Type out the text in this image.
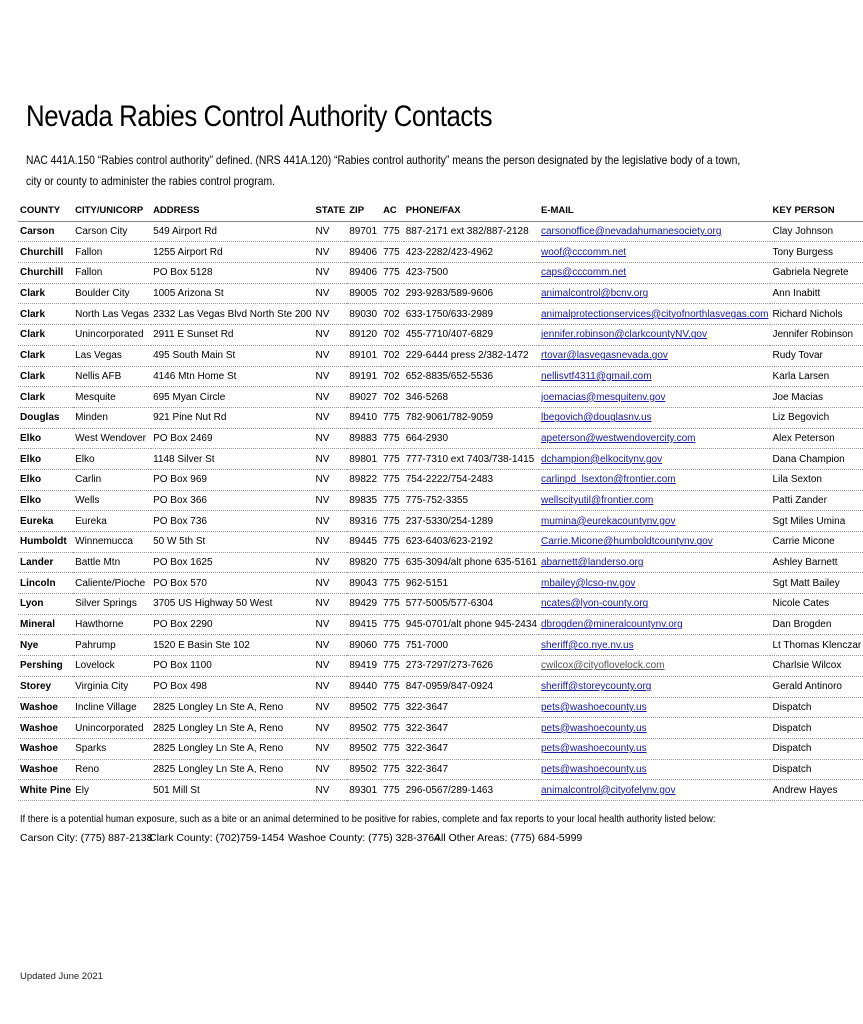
Nevada Rabies Control Authority Contacts
NAC 441A.150 “Rabies control authority” defined. (NRS 441A.120) “Rabies control authority” means the person designated by the legislative body of a town, city or county to administer the rabies control program.
COUNTY	CITY/UNICORP	ADDRESS	STATE	ZIP	AC	PHONE/FAX	E-MAIL	KEY PERSON
Carson	Carson City	549 Airport Rd	NV	89701	775	887-2171 ext 382/887-2128	carsonoffice@nevadahumanesociety.org	Clay Johnson
Churchill	Fallon	1255 Airport Rd	NV	89406	775	423-2282/423-4962	woof@cccomm.net	Tony Burgess
Churchill	Fallon	PO Box 5128	NV	89406	775	423-7500	caps@cccomm.net	Gabriela Negrete
Clark	Boulder City	1005 Arizona St	NV	89005	702	293-9283/589-9606	animalcontrol@bcnv.org	Ann Inabitt
Clark	North Las Vegas	2332 Las Vegas Blvd North Ste 200	NV	89030	702	633-1750/633-2989	animalprotectionservices@cityofnorthlasvegas.com	Richard Nichols
Clark	Unincorporated	2911 E Sunset Rd	NV	89120	702	455-7710/407-6829	jennifer.robinson@clarkcountyNV.gov	Jennifer Robinson
Clark	Las Vegas	495 South Main St	NV	89101	702	229-6444 press 2/382-1472	rtovar@lasvegasnevada.gov	Rudy Tovar
Clark	Nellis AFB	4146 Mtn Home St	NV	89191	702	652-8835/652-5536	nellisvtf4311@gmail.com	Karla Larsen
Clark	Mesquite	695 Myan Circle	NV	89027	702	346-5268	joemacias@mesquitenv.gov	Joe Macias
Douglas	Minden	921 Pine Nut Rd	NV	89410	775	782-9061/782-9059	lbegovich@douglasnv.us	Liz Begovich
Elko	West Wendover	PO Box 2469	NV	89883	775	664-2930	apeterson@westwendovercity.com	Alex Peterson
Elko	Elko	1148 Silver St	NV	89801	775	777-7310 ext 7403/738-1415	dchampion@elkocitynv.gov	Dana Champion
Elko	Carlin	PO Box 969	NV	89822	775	754-2222/754-2483	carlinpd_lsexton@frontier.com	Lila Sexton
Elko	Wells	PO Box 366	NV	89835	775	775-752-3355	wellscityutil@frontier.com	Patti Zander
Eureka	Eureka	PO Box 736	NV	89316	775	237-5330/254-1289	mumina@eurekacountynv.gov	Sgt Miles Umina
Humboldt	Winnemucca	50 W 5th St	NV	89445	775	623-6403/623-2192	Carrie.Micone@humboldtcountynv.gov	Carrie Micone
Lander	Battle Mtn	PO Box 1625	NV	89820	775	635-3094/alt phone 635-5161	abarnett@landerso.org	Ashley Barnett
Lincoln	Caliente/Pioche	PO Box 570	NV	89043	775	962-5151	mbailey@lcso-nv.gov	Sgt Matt Bailey
Lyon	Silver Springs	3705 US Highway 50 West	NV	89429	775	577-5005/577-6304	ncates@lyon-county.org	Nicole Cates
Mineral	Hawthorne	PO Box 2290	NV	89415	775	945-0701/alt phone 945-2434	dbrogden@mineralcountynv.org	Dan Brogden
Nye	Pahrump	1520 E Basin Ste 102	NV	89060	775	751-7000	sheriff@co.nye.nv.us	Lt Thomas Klenczar
Pershing	Lovelock	PO Box 1100	NV	89419	775	273-7297/273-7626	cwilcox@cityoflovelock.com	Charlsie Wilcox
Storey	Virginia City	PO Box 498	NV	89440	775	847-0959/847-0924	sheriff@storeycounty.org	Gerald Antinoro
Washoe	Incline Village	2825 Longley Ln Ste A, Reno	NV	89502	775	322-3647	pets@washoecounty.us	Dispatch
Washoe	Unincorporated	2825 Longley Ln Ste A, Reno	NV	89502	775	322-3647	pets@washoecounty.us	Dispatch
Washoe	Sparks	2825 Longley Ln Ste A, Reno	NV	89502	775	322-3647	pets@washoecounty.us	Dispatch
Washoe	Reno	2825 Longley Ln Ste A, Reno	NV	89502	775	322-3647	pets@washoecounty.us	Dispatch
White Pine	Ely	501 Mill St	NV	89301	775	296-0567/289-1463	animalcontrol@cityofelynv.gov	Andrew Hayes
If there is a potential human exposure, such as a bite or an animal determined to be positive for rabies, complete and fax reports to your local health authority listed below:
Carson City: (775) 887-2138
Clark County: (702)759-1454 Washoe County: (775) 328-3764
All Other Areas: (775) 684-5999
Updated June 2021
